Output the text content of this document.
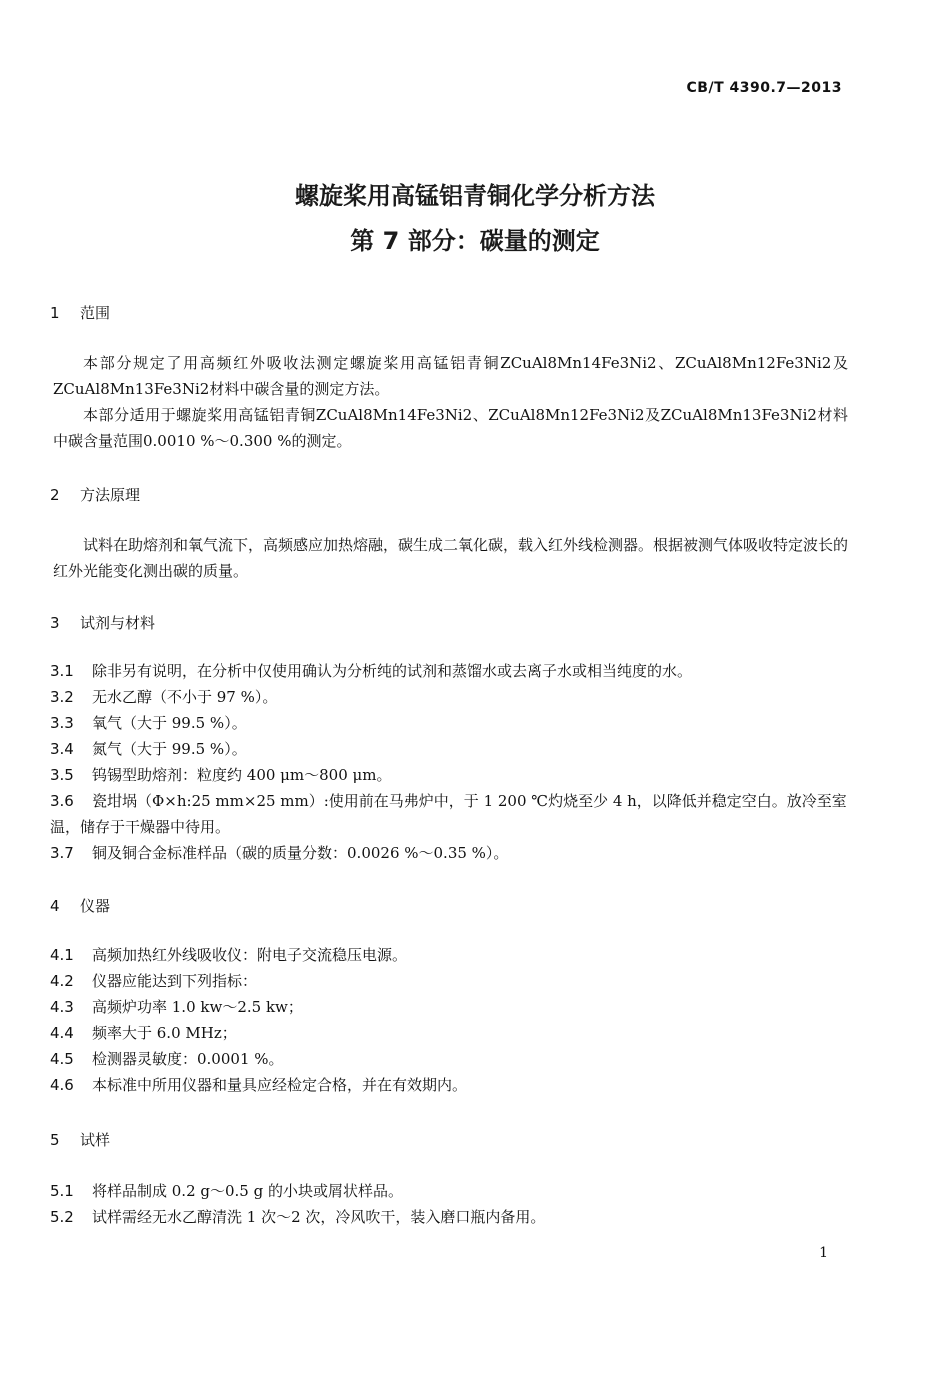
CB/T 4390.7—2013
螺旋桨用高锰铝青铜化学分析方法
第 7 部分：碳量的测定
1 范围
本部分规定了用高频红外吸收法测定螺旋桨用高锰铝青铜ZCuAl8Mn14Fe3Ni2、ZCuAl8Mn12Fe3Ni2及ZCuAl8Mn13Fe3Ni2材料中碳含量的测定方法。
本部分适用于螺旋桨用高锰铝青铜ZCuAl8Mn14Fe3Ni2、ZCuAl8Mn12Fe3Ni2及ZCuAl8Mn13Fe3Ni2材料中碳含量范围0.0010 %～0.300 %的测定。
2 方法原理
试料在助熔剂和氧气流下，高频感应加热熔融，碳生成二氧化碳，载入红外线检测器。根据被测气体吸收特定波长的红外光能变化测出碳的质量。
3 试剂与材料
3.1 除非另有说明，在分析中仅使用确认为分析纯的试剂和蒸馏水或去离子水或相当纯度的水。
3.2 无水乙醇（不小于 97 %）。
3.3 氧气（大于 99.5 %）。
3.4 氮气（大于 99.5 %）。
3.5 钨锡型助熔剂：粒度约 400 μm～800 μm。
3.6 瓷坩埚（Φ×h:25 mm×25 mm）:使用前在马弗炉中，于 1 200 ℃灼烧至少 4 h，以降低并稳定空白。放冷至室温，储存于干燥器中待用。
3.7 铜及铜合金标准样品（碳的质量分数：0.0026 %～0.35 %）。
4 仪器
4.1 高频加热红外线吸收仪：附电子交流稳压电源。
4.2 仪器应能达到下列指标：
4.3 高频炉功率 1.0 kw～2.5 kw；
4.4 频率大于 6.0 MHz；
4.5 检测器灵敏度：0.0001 %。
4.6 本标准中所用仪器和量具应经检定合格，并在有效期内。
5 试样
5.1 将样品制成 0.2 g～0.5 g 的小块或屑状样品。
5.2 试样需经无水乙醇清洗 1 次～2 次，冷风吹干，装入磨口瓶内备用。
1
